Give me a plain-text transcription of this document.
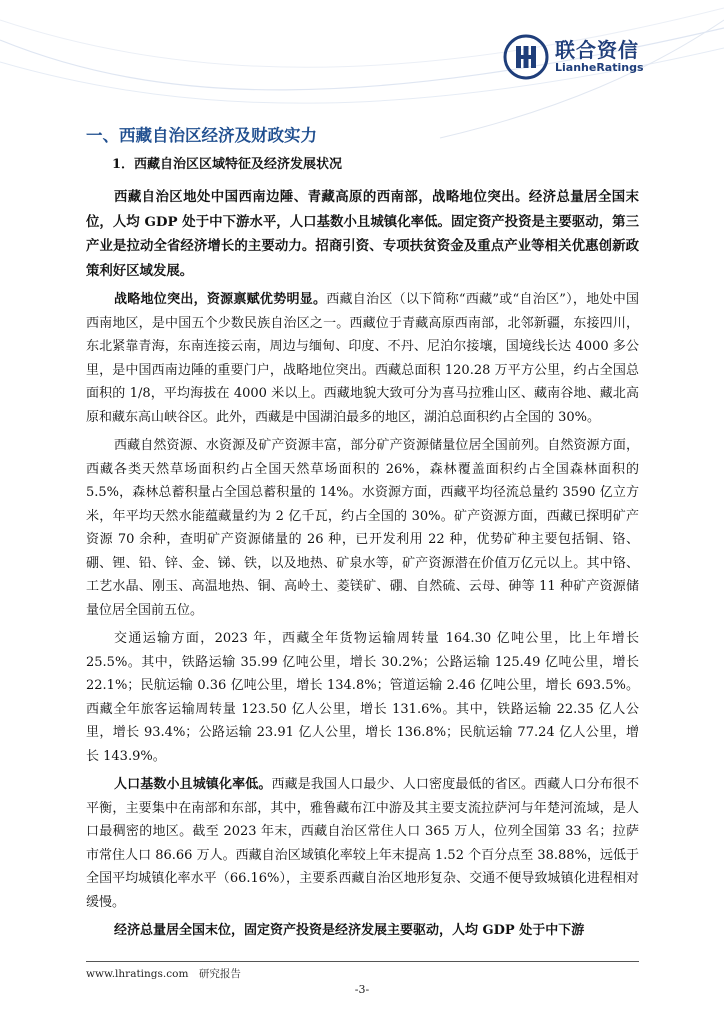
联合资信
LianheRatings
一、西藏自治区经济及财政实力
1．西藏自治区区域特征及经济发展状况

西藏自治区地处中国西南边陲、青藏高原的西南部，战略地位突出。经济总量居全国末位，人均 GDP 处于中下游水平，人口基数小且城镇化率低。固定资产投资是主要驱动，第三产业是拉动全省经济增长的主要动力。招商引资、专项扶贫资金及重点产业等相关优惠创新政策利好区域发展。

战略地位突出，资源禀赋优势明显。西藏自治区（以下简称“西藏”或“自治区”），地处中国西南地区，是中国五个少数民族自治区之一。西藏位于青藏高原西南部，北邻新疆，东接四川，东北紧靠青海，东南连接云南，周边与缅甸、印度、不丹、尼泊尔接壤，国境线长达 4000 多公里，是中国西南边陲的重要门户，战略地位突出。西藏总面积 120.28 万平方公里，约占全国总面积的 1/8，平均海拔在 4000 米以上。西藏地貌大致可分为喜马拉雅山区、藏南谷地、藏北高原和藏东高山峡谷区。此外，西藏是中国湖泊最多的地区，湖泊总面积约占全国的 30%。

西藏自然资源、水资源及矿产资源丰富，部分矿产资源储量位居全国前列。自然资源方面，西藏各类天然草场面积约占全国天然草场面积的 26%，森林覆盖面积约占全国森林面积的 5.5%，森林总蓄积量占全国总蓄积量的 14%。水资源方面，西藏平均径流总量约 3590 亿立方米，年平均天然水能蕴藏量约为 2 亿千瓦，约占全国的 30%。矿产资源方面，西藏已探明矿产资源 70 余种，查明矿产资源储量的 26 种，已开发利用 22 种，优势矿种主要包括铜、铬、硼、锂、铅、锌、金、锑、铁，以及地热、矿泉水等，矿产资源潜在价值万亿元以上。其中铬、工艺水晶、刚玉、高温地热、铜、高岭土、菱镁矿、硼、自然硫、云母、砷等 11 种矿产资源储量位居全国前五位。

交通运输方面，2023 年，西藏全年货物运输周转量 164.30 亿吨公里，比上年增长 25.5%。其中，铁路运输 35.99 亿吨公里，增长 30.2%；公路运输 125.49 亿吨公里，增长 22.1%；民航运输 0.36 亿吨公里，增长 134.8%；管道运输 2.46 亿吨公里，增长 693.5%。西藏全年旅客运输周转量 123.50 亿人公里，增长 131.6%。其中，铁路运输 22.35 亿人公里，增长 93.4%；公路运输 23.91 亿人公里，增长 136.8%；民航运输 77.24 亿人公里，增长 143.9%。

人口基数小且城镇化率低。西藏是我国人口最少、人口密度最低的省区。西藏人口分布很不平衡，主要集中在南部和东部，其中，雅鲁藏布江中游及其主要支流拉萨河与年楚河流域，是人口最稠密的地区。截至 2023 年末，西藏自治区常住人口 365 万人，位列全国第 33 名；拉萨市常住人口 86.66 万人。西藏自治区域镇化率较上年末提高 1.52 个百分点至 38.88%，远低于全国平均城镇化率水平（66.16%），主要系西藏自治区地形复杂、交通不便导致城镇化进程相对缓慢。

经济总量居全国末位，固定资产投资是经济发展主要驱动，人均 GDP 处于中下游

www.lhratings.com　研究报告
-3-
